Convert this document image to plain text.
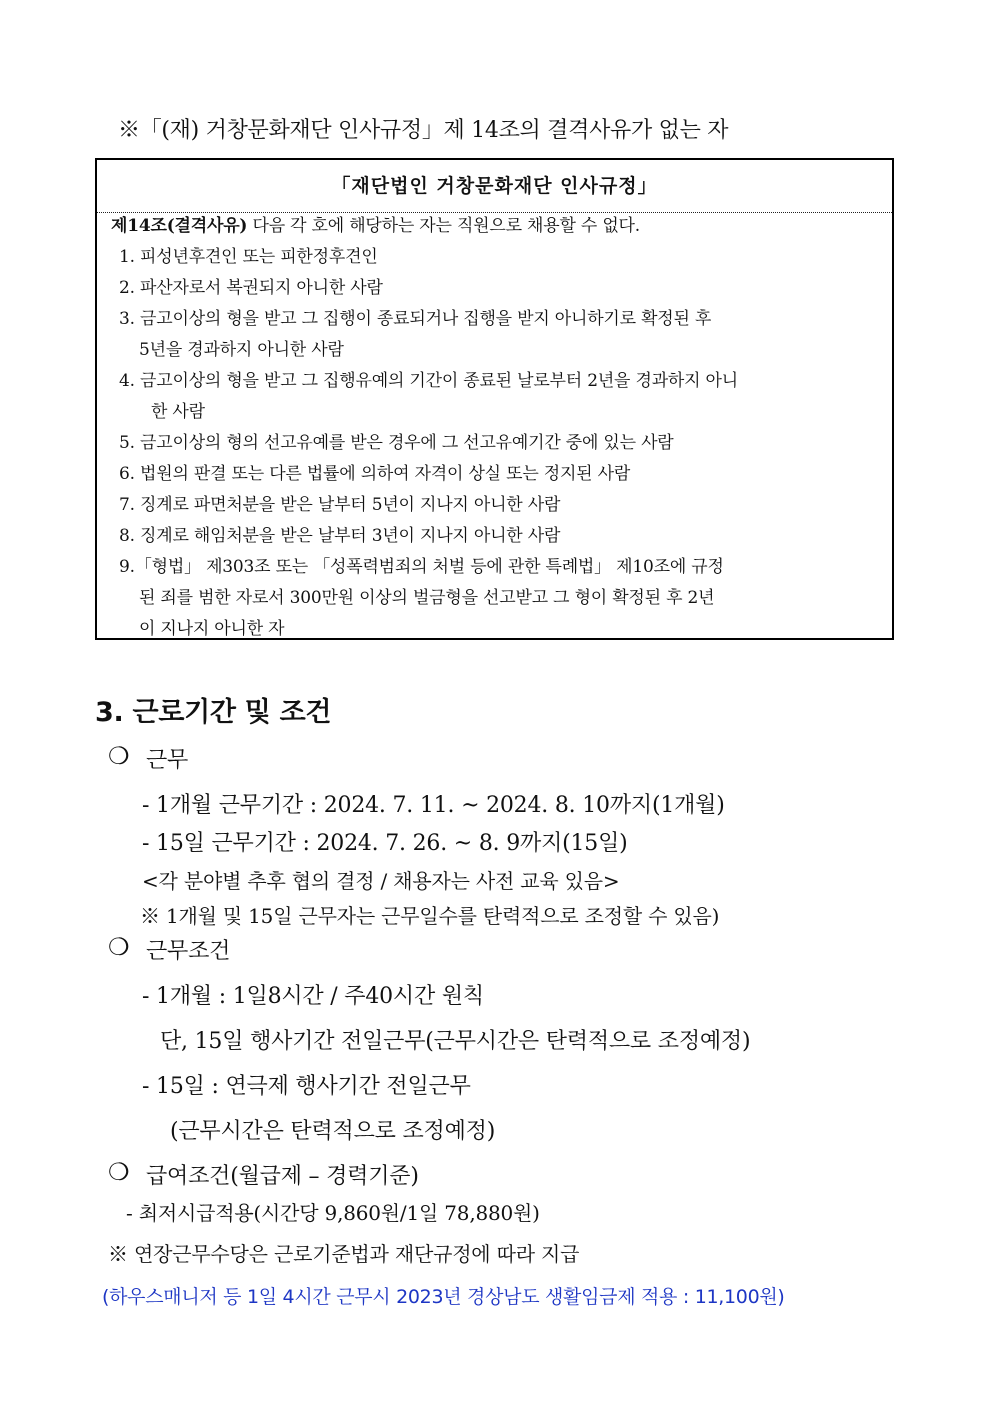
※「(재) 거창문화재단 인사규정」제 14조의 결격사유가 없는 자
「재단법인 거창문화재단 인사규정」
제14조(결격사유) 다음 각 호에 해당하는 자는 직원으로 채용할 수 없다.
1. 피성년후견인 또는 피한정후견인
2. 파산자로서 복권되지 아니한 사람
3. 금고이상의 형을 받고 그 집행이 종료되거나 집행을 받지 아니하기로 확정된 후
5년을 경과하지 아니한 사람
4. 금고이상의 형을 받고 그 집행유예의 기간이 종료된 날로부터 2년을 경과하지 아니
한 사람
5. 금고이상의 형의 선고유예를 받은 경우에 그 선고유예기간 중에 있는 사람
6. 법원의 판결 또는 다른 법률에 의하여 자격이 상실 또는 정지된 사람
7. 징계로 파면처분을 받은 날부터 5년이 지나지 아니한 사람
8. 징계로 해임처분을 받은 날부터 3년이 지나지 아니한 사람
9.「형법」 제303조 또는 「성폭력범죄의 처벌 등에 관한 특례법」 제10조에 규정
된 죄를 범한 자로서 300만원 이상의 벌금형을 선고받고 그 형이 확정된 후 2년
이 지나지 아니한 자
3. 근로기간 및 조건
❍ 근무
- 1개월 근무기간 : 2024. 7. 11. ~ 2024. 8. 10까지(1개월)
- 15일 근무기간 : 2024. 7. 26. ~ 8. 9까지(15일)
<각 분야별 추후 협의 결정 / 채용자는 사전 교육 있음>
※ 1개월 및 15일 근무자는 근무일수를 탄력적으로 조정할 수 있음)
❍ 근무조건
- 1개월 : 1일8시간 / 주40시간 원칙
단, 15일 행사기간 전일근무(근무시간은 탄력적으로 조정예정)
- 15일 : 연극제 행사기간 전일근무
(근무시간은 탄력적으로 조정예정)
❍ 급여조건(월급제 – 경력기준)
- 최저시급적용(시간당 9,860원/1일 78,880원)
※ 연장근무수당은 근로기준법과 재단규정에 따라 지급
(하우스매니저 등 1일 4시간 근무시 2023년 경상남도 생활임금제 적용 : 11,100원)
